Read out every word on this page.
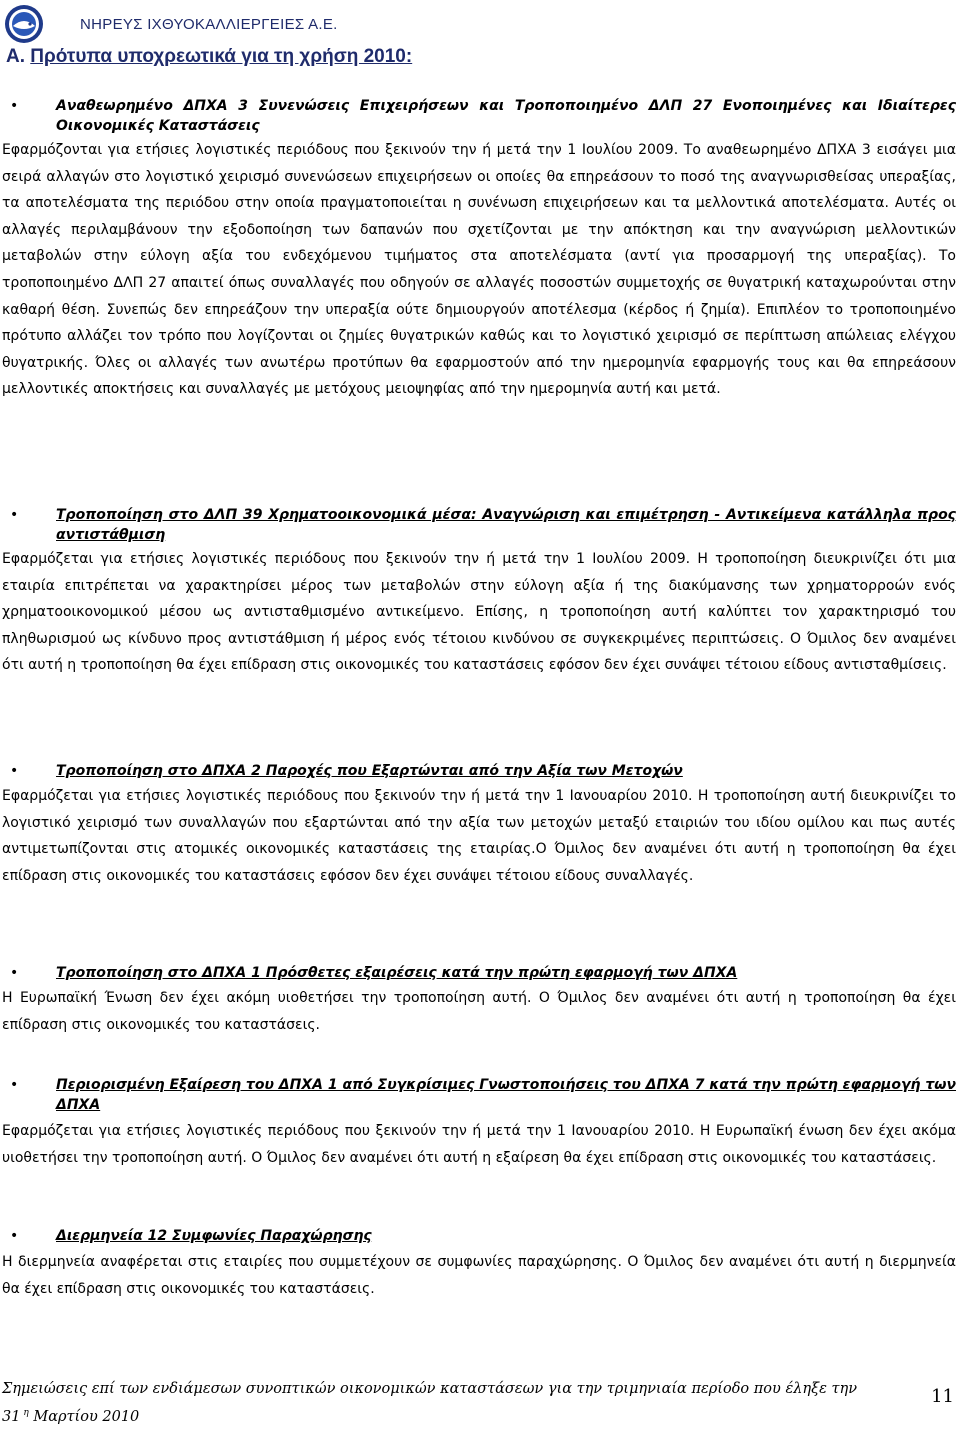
ΝΗΡΕΥΣ ΙΧΘΥΟΚΑΛΛΙΕΡΓΕΙΕΣ Α.Ε.
Α. Πρότυπα υποχρεωτικά για τη χρήση 2010:
•	Αναθεωρημένο ΔΠΧΑ 3 Συνενώσεις Επιχειρήσεων και Τροποποιημένο ΔΛΠ 27 Ενοποιημένες και Ιδιαίτερες Οικονομικές Καταστάσεις
Εφαρμόζονται για ετήσιες λογιστικές περιόδους που ξεκινούν την ή μετά την 1 Ιουλίου 2009. Το αναθεωρημένο ΔΠΧΑ 3 εισάγει μια σειρά αλλαγών στο λογιστικό χειρισμό συνενώσεων επιχειρήσεων οι οποίες θα επηρεάσουν το ποσό της αναγνωρισθείσας υπεραξίας, τα αποτελέσματα της περιόδου στην οποία πραγματοποιείται η συνένωση επιχειρήσεων και τα μελλοντικά αποτελέσματα. Αυτές οι αλλαγές περιλαμβάνουν την εξοδοποίηση των δαπανών που σχετίζονται με την απόκτηση και την αναγνώριση μελλοντικών μεταβολών στην εύλογη αξία του ενδεχόμενου τιμήματος στα αποτελέσματα (αντί για προσαρμογή της υπεραξίας). Το τροποποιημένο ΔΛΠ 27 απαιτεί όπως συναλλαγές που οδηγούν σε αλλαγές ποσοστών συμμετοχής σε θυγατρική καταχωρούνται στην καθαρή θέση. Συνεπώς δεν επηρεάζουν την υπεραξία ούτε δημιουργούν αποτέλεσμα (κέρδος ή ζημία). Επιπλέον το τροποποιημένο πρότυπο αλλάζει τον τρόπο που λογίζονται οι ζημίες θυγατρικών καθώς και το λογιστικό χειρισμό σε περίπτωση απώλειας ελέγχου θυγατρικής. Όλες οι αλλαγές των ανωτέρω προτύπων θα εφαρμοστούν από την ημερομηνία εφαρμογής τους και θα επηρεάσουν μελλοντικές αποκτήσεις και συναλλαγές με μετόχους μειοψηφίας από την ημερομηνία αυτή και μετά.
•	Τροποποίηση στο ΔΛΠ 39 Χρηματοοικονομικά μέσα: Αναγνώριση και επιμέτρηση - Αντικείμενα κατάλληλα προς αντιστάθμιση
Εφαρμόζεται για ετήσιες λογιστικές περιόδους που ξεκινούν την ή μετά την 1 Ιουλίου 2009. Η τροποποίηση διευκρινίζει ότι μια εταιρία επιτρέπεται να χαρακτηρίσει μέρος των μεταβολών στην εύλογη αξία ή της διακύμανσης των χρηματορροών ενός χρηματοοικονομικού μέσου ως αντισταθμισμένο αντικείμενο. Επίσης, η τροποποίηση αυτή καλύπτει τον χαρακτηρισμό του πληθωρισμού ως κίνδυνο προς αντιστάθμιση ή μέρος ενός τέτοιου κινδύνου σε συγκεκριμένες περιπτώσεις. Ο Όμιλος δεν αναμένει ότι αυτή η τροποποίηση θα έχει επίδραση στις οικονομικές του καταστάσεις εφόσον δεν έχει συνάψει τέτοιου είδους αντισταθμίσεις.
•	Τροποποίηση στο ΔΠΧΑ 2 Παροχές που Εξαρτώνται από την Αξία των Μετοχών
Εφαρμόζεται για ετήσιες λογιστικές περιόδους που ξεκινούν την ή μετά την 1 Ιανουαρίου 2010. Η τροποποίηση αυτή διευκρινίζει το λογιστικό χειρισμό των συναλλαγών που εξαρτώνται από την αξία των μετοχών μεταξύ εταιριών του ιδίου ομίλου και πως αυτές αντιμετωπίζονται στις ατομικές οικονομικές καταστάσεις της εταιρίας.Ο Όμιλος δεν αναμένει ότι αυτή η τροποποίηση θα έχει επίδραση στις οικονομικές του καταστάσεις εφόσον δεν έχει συνάψει τέτοιου είδους συναλλαγές.
•	Τροποποίηση στο ΔΠΧΑ 1 Πρόσθετες εξαιρέσεις κατά την πρώτη εφαρμογή των ΔΠΧΑ
Η Ευρωπαϊκή Ένωση δεν έχει ακόμη υιοθετήσει την τροποποίηση αυτή. Ο Όμιλος δεν αναμένει ότι αυτή η τροποποίηση θα έχει επίδραση στις οικονομικές του καταστάσεις.
•	Περιορισμένη Εξαίρεση του ΔΠΧΑ 1 από Συγκρίσιμες Γνωστοποιήσεις του ΔΠΧΑ 7 κατά την πρώτη εφαρμογή των ΔΠΧΑ
Εφαρμόζεται για ετήσιες λογιστικές περιόδους που ξεκινούν την ή μετά την 1 Ιανουαρίου 2010. Η Ευρωπαϊκή ένωση δεν έχει ακόμα υιοθετήσει την τροποποίηση αυτή. Ο Όμιλος δεν αναμένει ότι αυτή η εξαίρεση θα έχει επίδραση στις οικονομικές του καταστάσεις.
•	Διερμηνεία 12 Συμφωνίες Παραχώρησης
Η διερμηνεία αναφέρεται στις εταιρίες που συμμετέχουν σε συμφωνίες παραχώρησης. Ο Όμιλος δεν αναμένει ότι αυτή η διερμηνεία θα έχει επίδραση στις οικονομικές του καταστάσεις.
Σημειώσεις επί των ενδιάμεσων συνοπτικών οικονομικών καταστάσεων για την τριμηνιαία περίοδο που έληξε την
31 $^\eta$ Μαρτίου 2010
11
